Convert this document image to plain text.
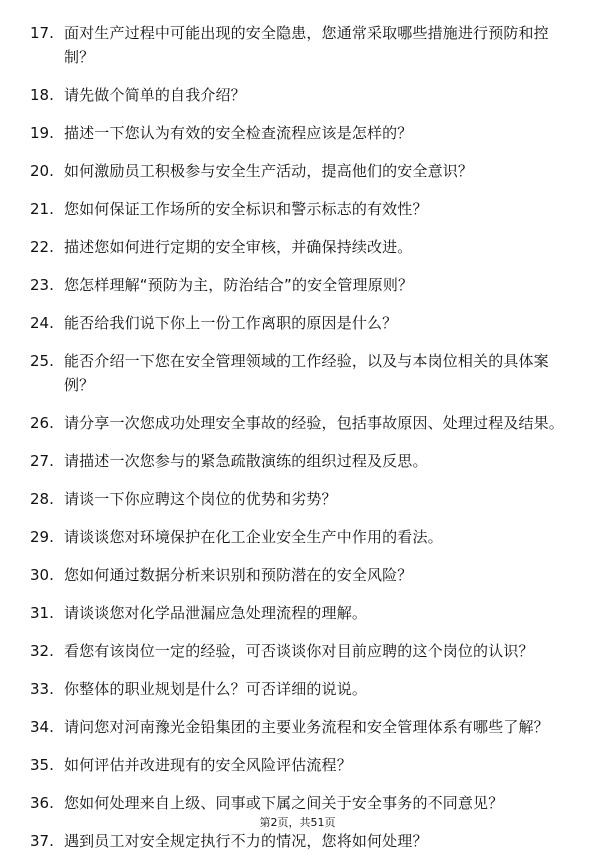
17. 面对生产过程中可能出现的安全隐患，您通常采取哪些措施进行预防和控制？
18. 请先做个简单的自我介绍？
19. 描述一下您认为有效的安全检查流程应该是怎样的？
20. 如何激励员工积极参与安全生产活动，提高他们的安全意识？
21. 您如何保证工作场所的安全标识和警示标志的有效性？
22. 描述您如何进行定期的安全审核，并确保持续改进。
23. 您怎样理解“预防为主，防治结合”的安全管理原则？
24. 能否给我们说下你上一份工作离职的原因是什么？
25. 能否介绍一下您在安全管理领域的工作经验，以及与本岗位相关的具体案例？
26. 请分享一次您成功处理安全事故的经验，包括事故原因、处理过程及结果。
27. 请描述一次您参与的紧急疏散演练的组织过程及反思。
28. 请谈一下你应聘这个岗位的优势和劣势？
29. 请谈谈您对环境保护在化工企业安全生产中作用的看法。
30. 您如何通过数据分析来识别和预防潜在的安全风险？
31. 请谈谈您对化学品泄漏应急处理流程的理解。
32. 看您有该岗位一定的经验，可否谈谈你对目前应聘的这个岗位的认识？
33. 你整体的职业规划是什么？可否详细的说说。
34. 请问您对河南豫光金铅集团的主要业务流程和安全管理体系有哪些了解？
35. 如何评估并改进现有的安全风险评估流程？
36. 您如何处理来自上级、同事或下属之间关于安全事务的不同意见？
37. 遇到员工对安全规定执行不力的情况，您将如何处理？
第2页，共51页
